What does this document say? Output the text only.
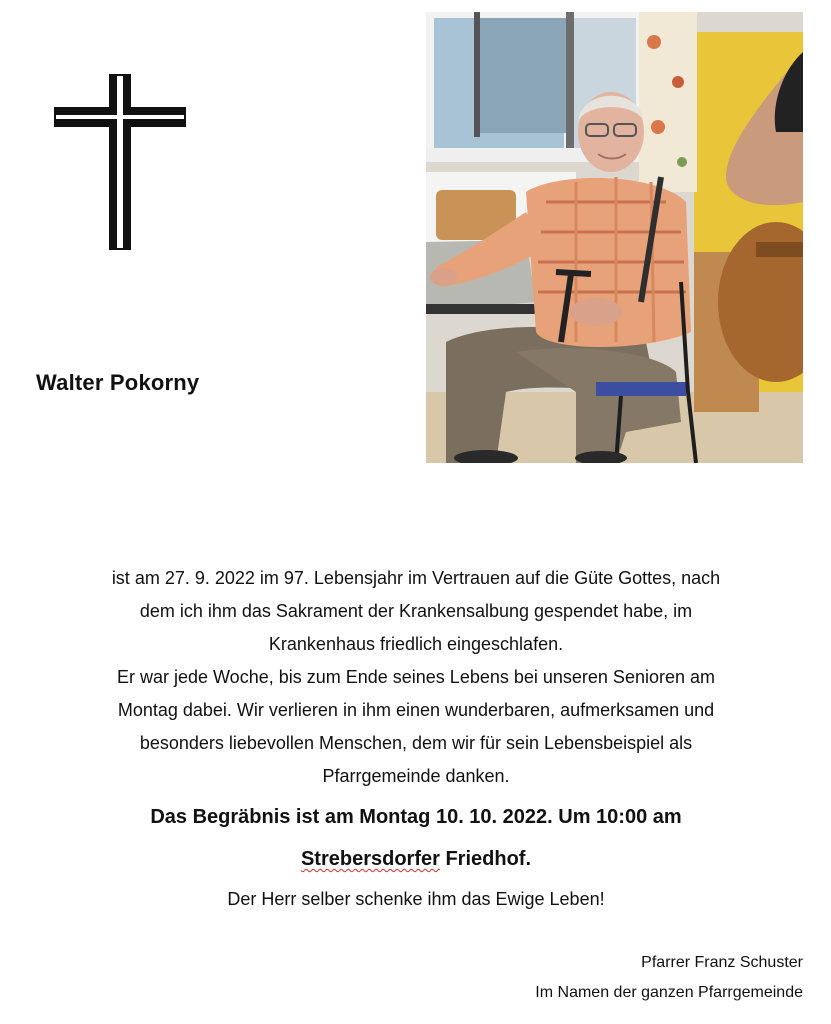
Walter Pokorny

ist am 27. 9. 2022 im 97. Lebensjahr im Vertrauen auf die Güte Gottes, nach

dem ich ihm das Sakrament der Krankensalbung gespendet habe, im

Krankenhaus friedlich eingeschlafen.

Er war jede Woche, bis zum Ende seines Lebens bei unseren Senioren am

Montag dabei. Wir verlieren in ihm einen wunderbaren, aufmerksamen und

besonders liebevollen Menschen, dem wir für sein Lebensbeispiel als

Pfarrgemeinde danken.

Das Begräbnis ist am Montag 10. 10. 2022. Um 10:00 am

Strebersdorfer Friedhof.

Der Herr selber schenke ihm das Ewige Leben!

Pfarrer Franz Schuster

Im Namen der ganzen Pfarrgemeinde
